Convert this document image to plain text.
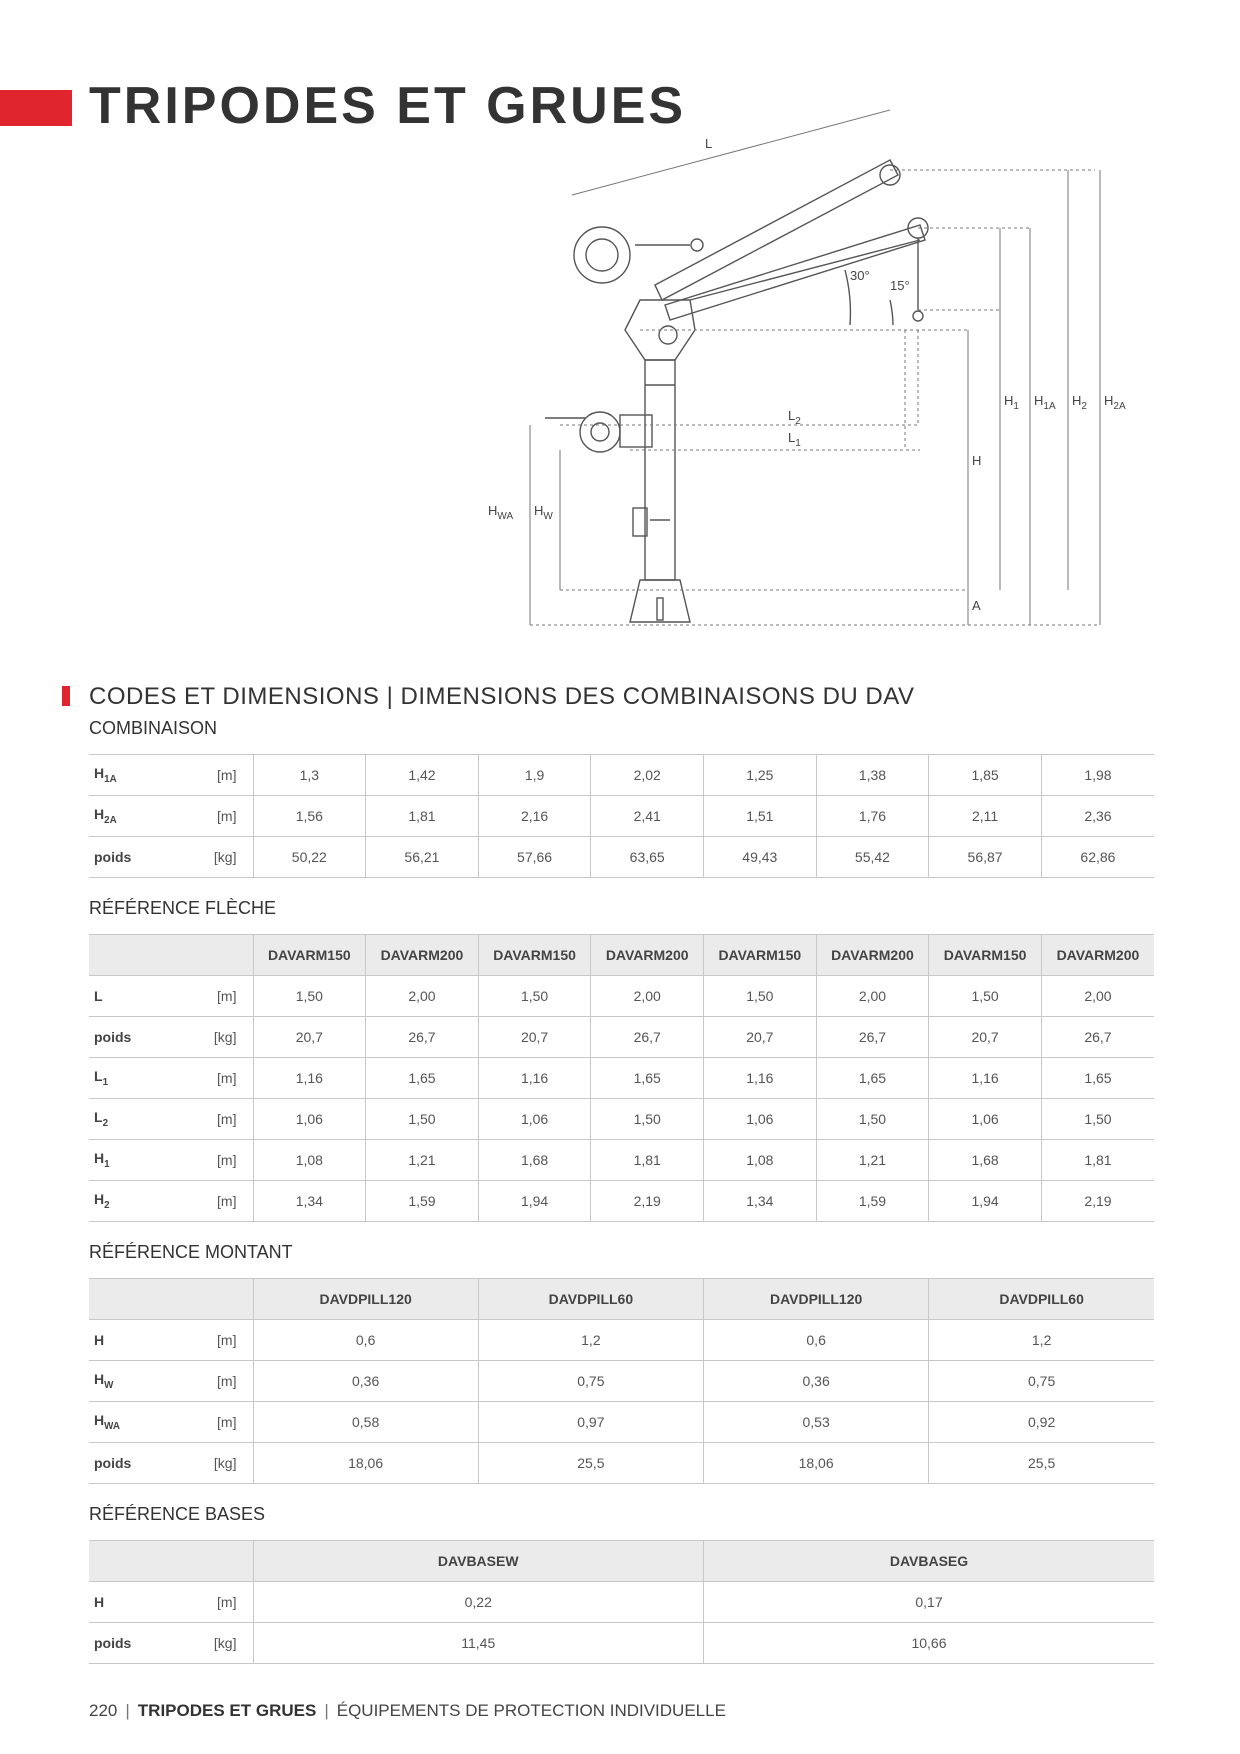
TRIPODES ET GRUES
L
$L_2$
$L_1$
30°
15°
H
A
$H_1$ $H_{1A}$ $H_2$ $H_{2A}$
$H_{WA}$ $H_W$
CODES ET DIMENSIONS | DIMENSIONS DES COMBINAISONS DU DAV
COMBINAISON
$H_{1A}$ [m]	1,3	1,42	1,9	2,02	1,25	1,38	1,85	1,98
$H_{2A}$ [m]	1,56	1,81	2,16	2,41	1,51	1,76	2,11	2,36
poids [kg]	50,22	56,21	57,66	63,65	49,43	55,42	56,87	62,86
RÉFÉRENCE FLÈCHE
	DAVARM150	DAVARM200	DAVARM150	DAVARM200	DAVARM150	DAVARM200	DAVARM150	DAVARM200
L [m]	1,50	2,00	1,50	2,00	1,50	2,00	1,50	2,00
poids [kg]	20,7	26,7	20,7	26,7	20,7	26,7	20,7	26,7
$L_1$ [m]	1,16	1,65	1,16	1,65	1,16	1,65	1,16	1,65
$L_2$ [m]	1,06	1,50	1,06	1,50	1,06	1,50	1,06	1,50
$H_1$ [m]	1,08	1,21	1,68	1,81	1,08	1,21	1,68	1,81
$H_2$ [m]	1,34	1,59	1,94	2,19	1,34	1,59	1,94	2,19
RÉFÉRENCE MONTANT
	DAVDPILL120	DAVDPILL60	DAVDPILL120	DAVDPILL60
H [m]	0,6	1,2	0,6	1,2
$H_W$ [m]	0,36	0,75	0,36	0,75
$H_{WA}$ [m]	0,58	0,97	0,53	0,92
poids [kg]	18,06	25,5	18,06	25,5
RÉFÉRENCE BASES
	DAVBASEW	DAVBASEG
H [m]	0,22	0,17
poids [kg]	11,45	10,66
220 | TRIPODES ET GRUES | ÉQUIPEMENTS DE PROTECTION INDIVIDUELLE
